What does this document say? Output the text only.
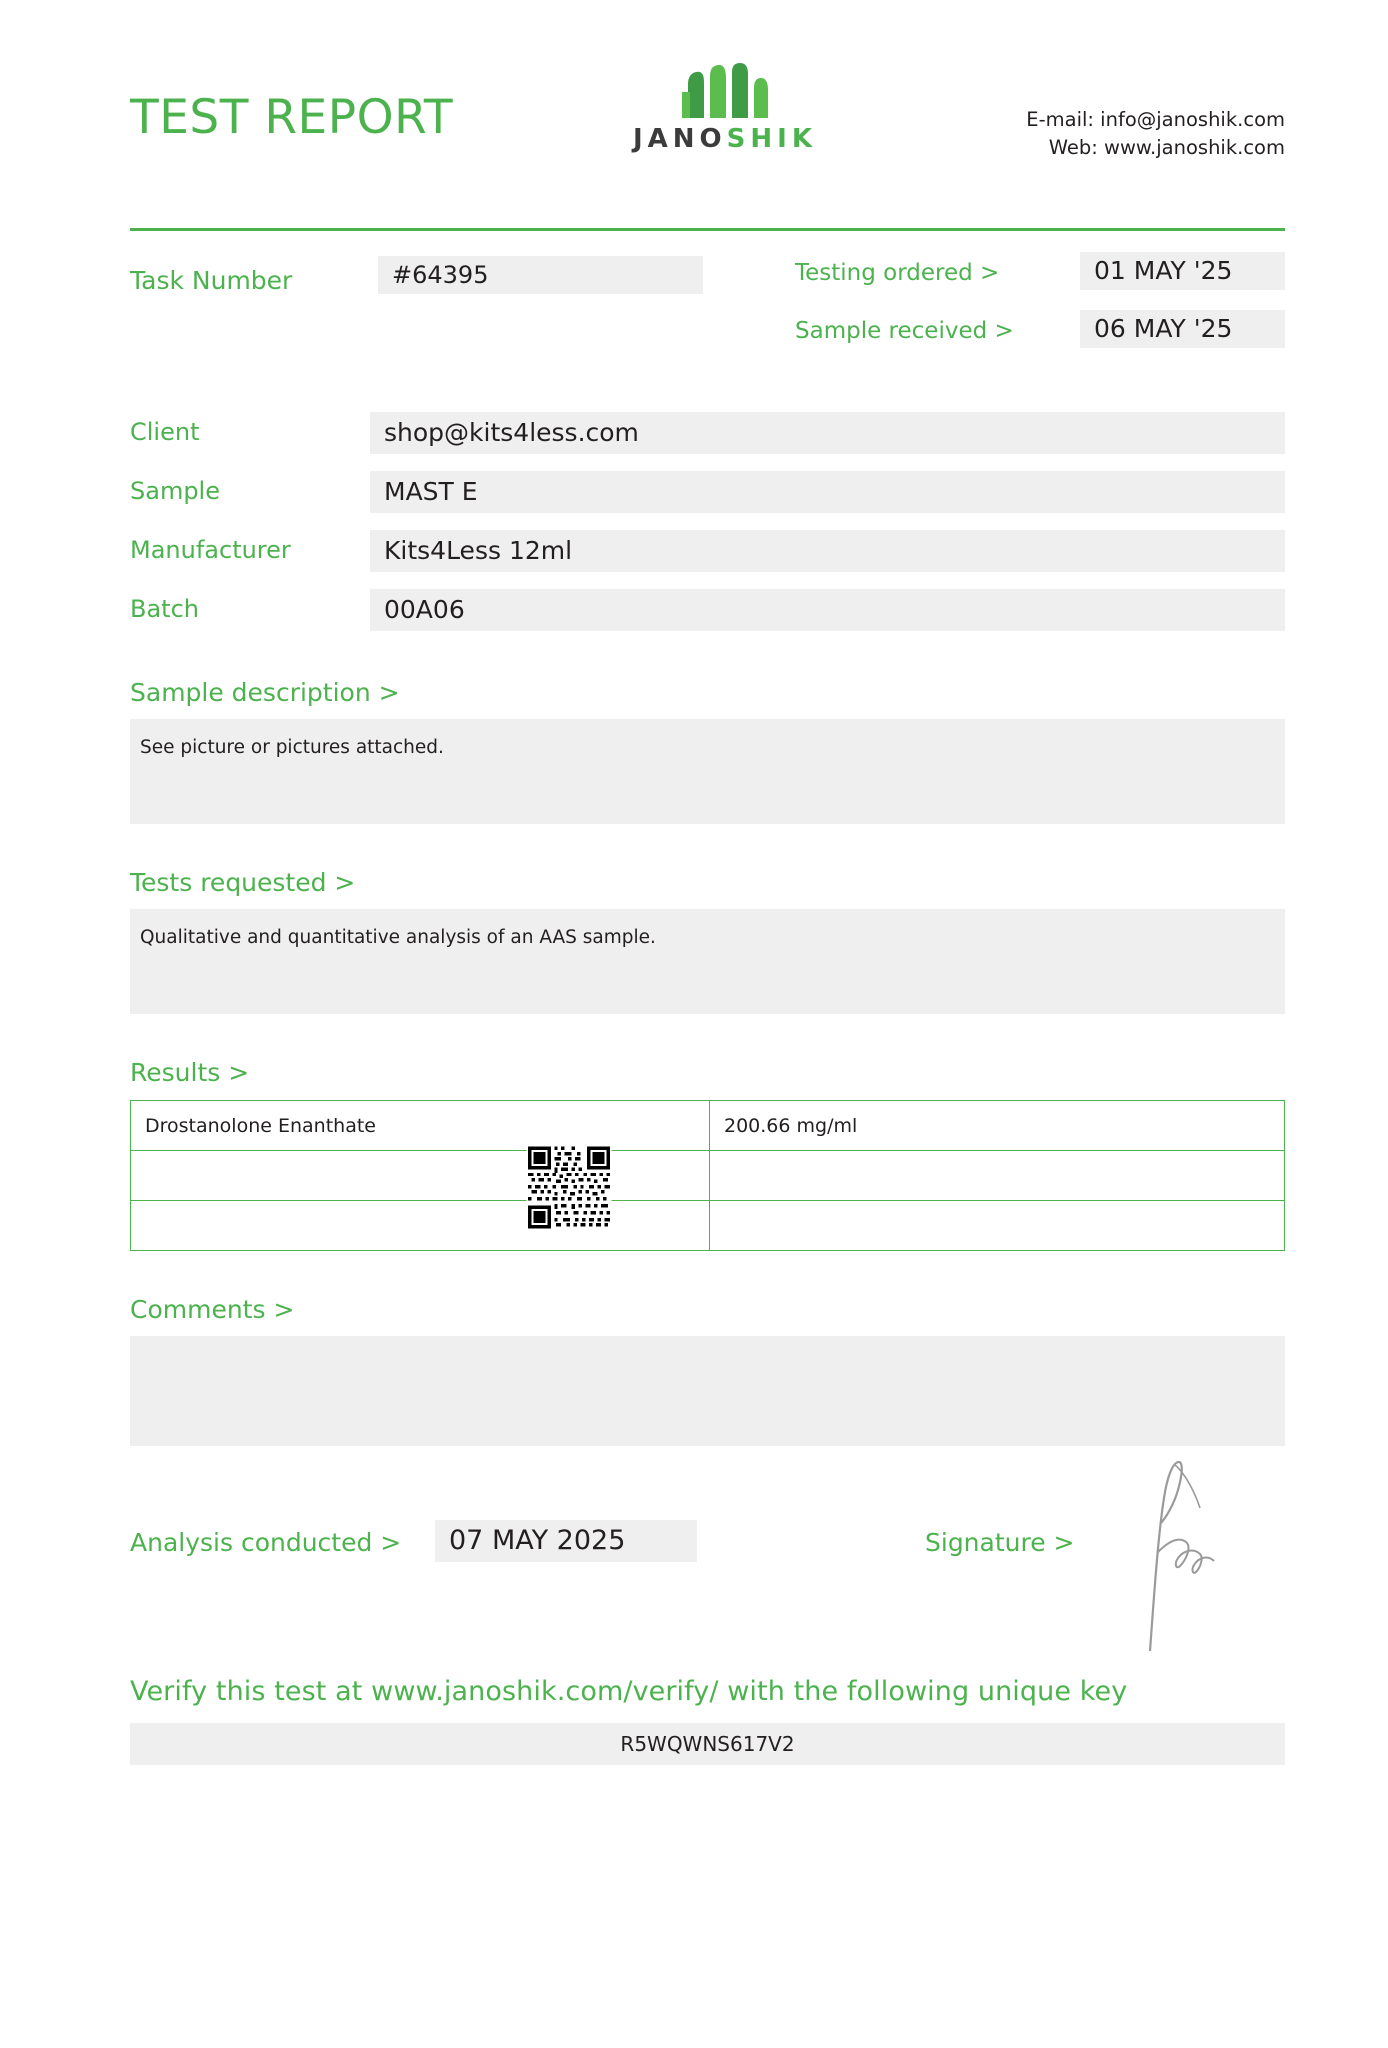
TEST REPORT	JANOSHIK
E-mail: info@janoshik.com
Web: www.janoshik.com
Task Number	#64395	Testing ordered >	01 MAY '25
Sample received >	06 MAY '25
Client	shop@kits4less.com
Sample	MAST E
Manufacturer	Kits4Less 12ml
Batch	00A06
Sample description >
See picture or pictures attached.
Tests requested >
Qualitative and quantitative analysis of an AAS sample.
Results >
Drostanolone Enanthate	200.66 mg/ml

Comments >
Analysis conducted >	07 MAY 2025	Signature >
Verify this test at www.janoshik.com/verify/ with the following unique key
R5WQWNS617V2
